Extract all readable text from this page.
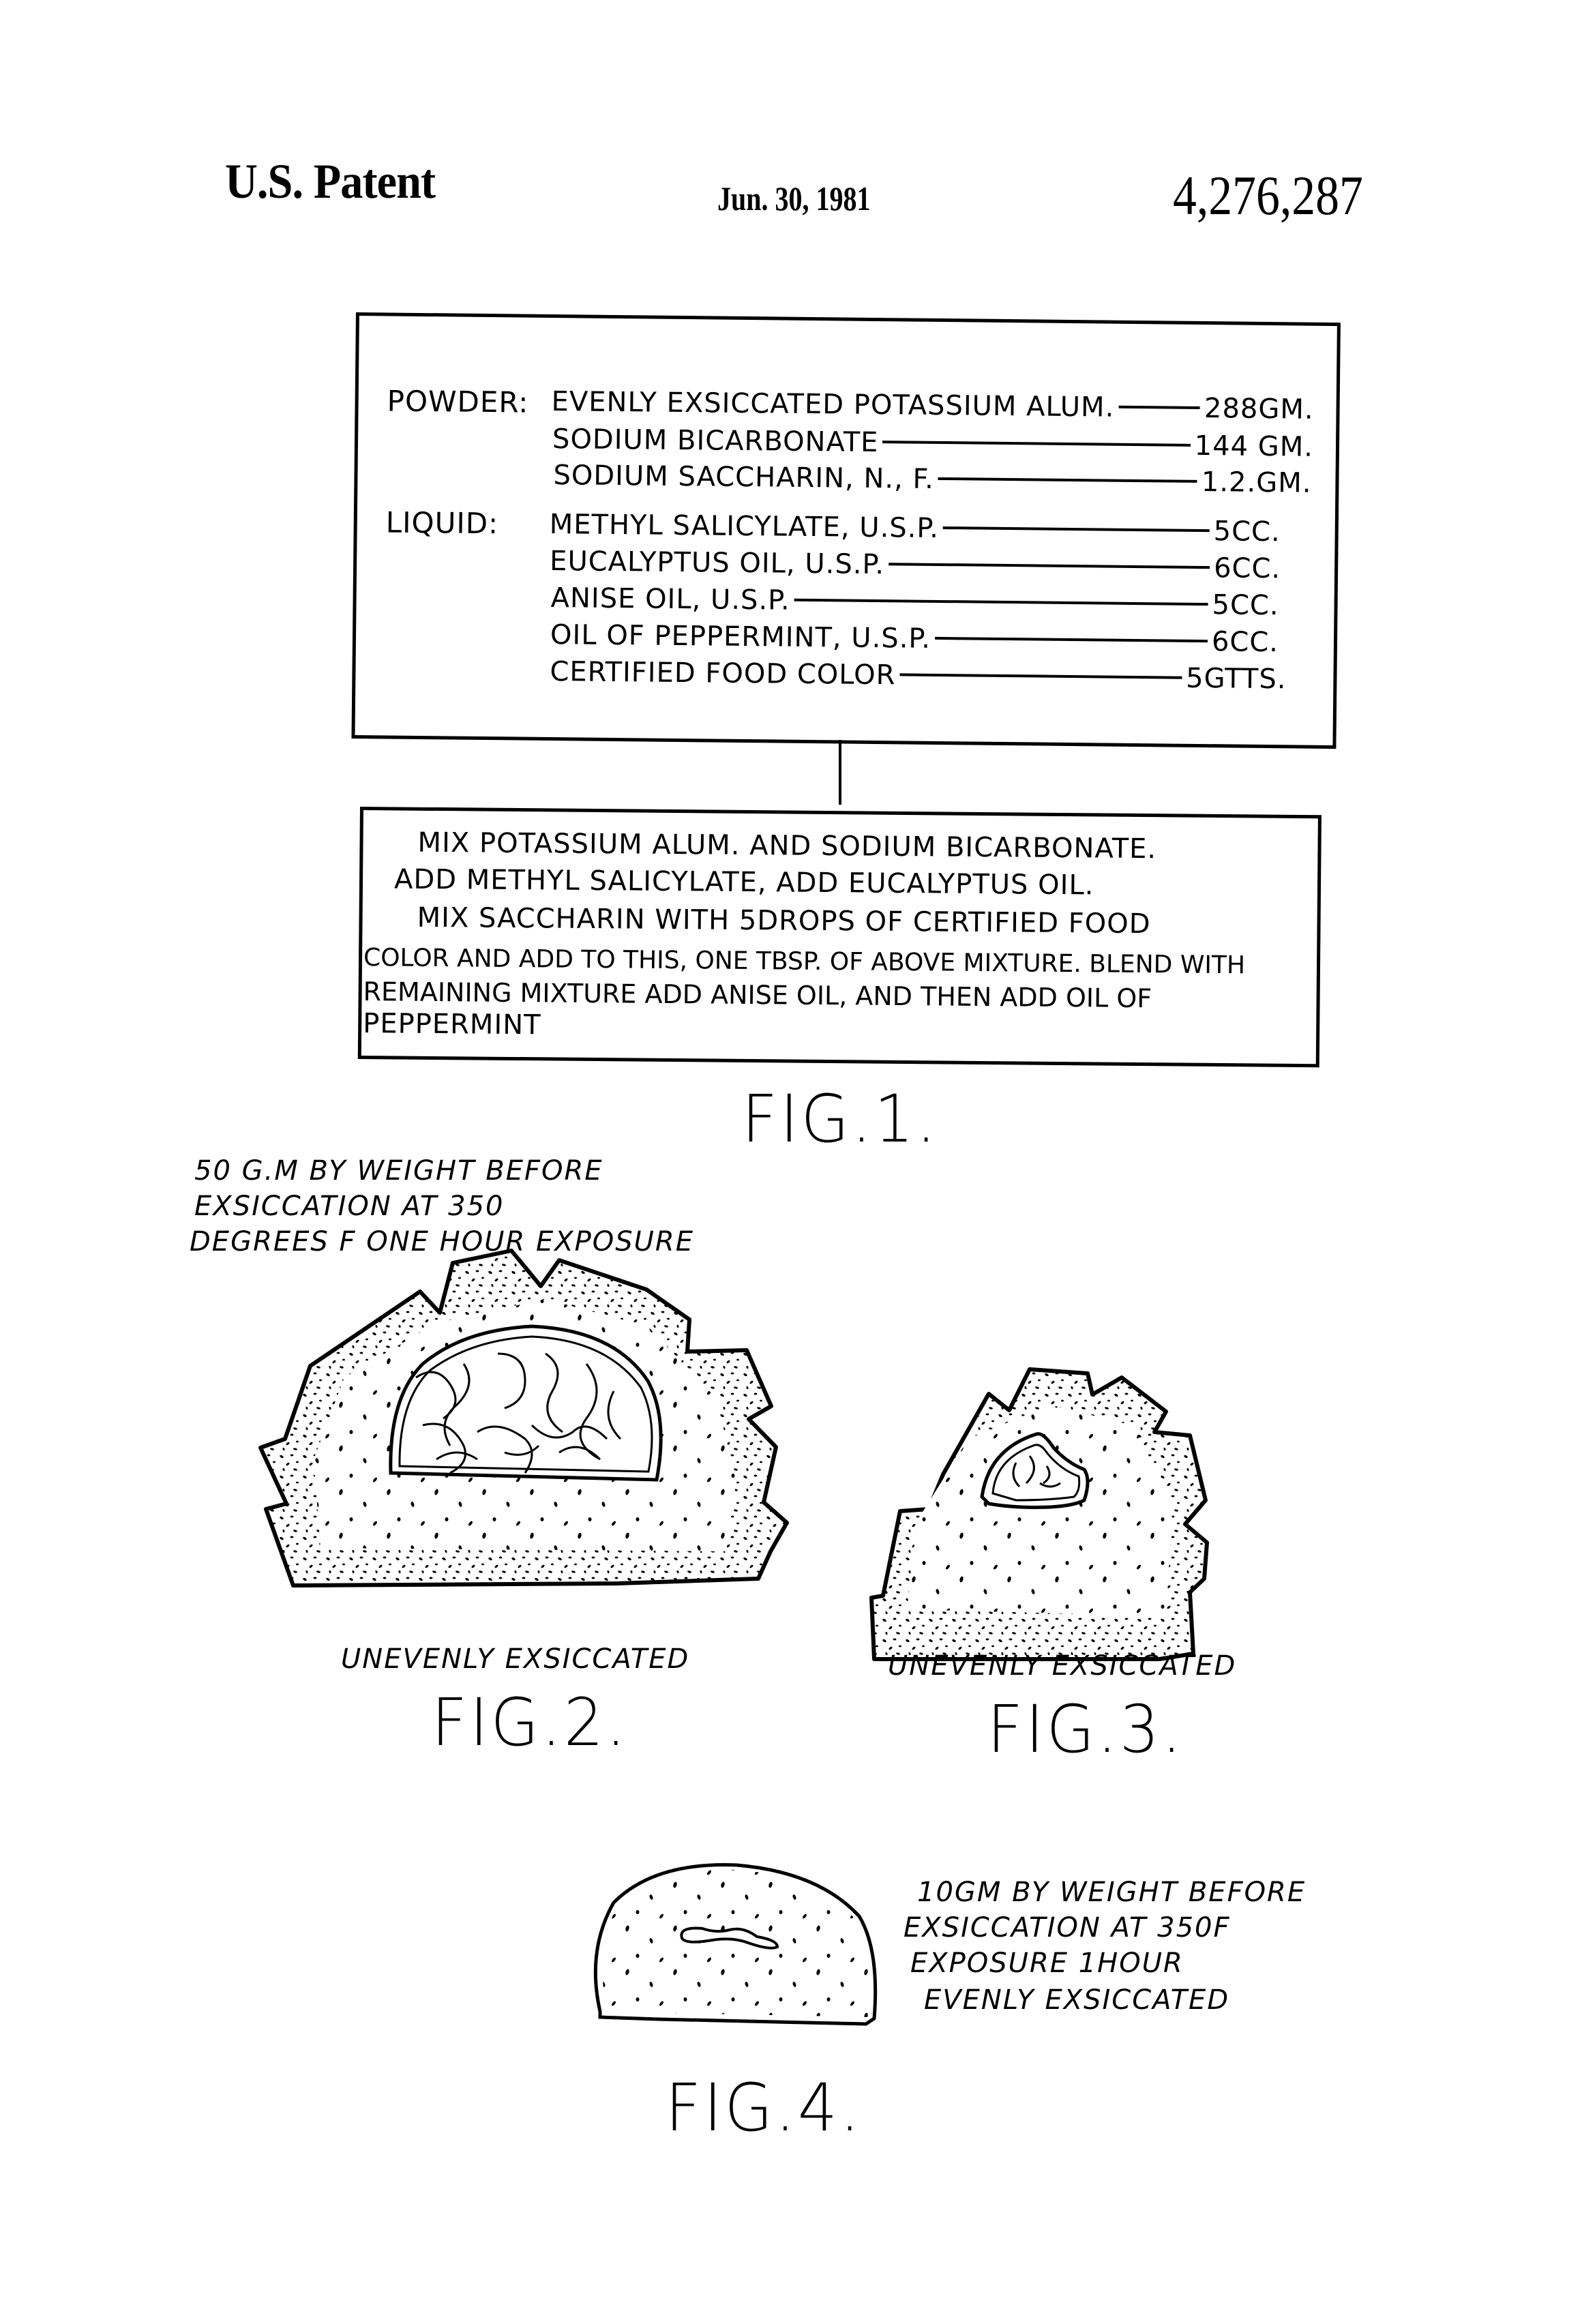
U.S. Patent	Jun. 30, 1981	4,276,287
POWDER: EVENLY EXSICCATED POTASSIUM ALUM.	288GM.
SODIUM BICARBONATE	144 GM.
SODIUM SACCHARIN, N., F.	1.2.GM.
LIQUID: METHYL SALICYLATE, U.S.P.	5CC.
EUCALYPTUS OIL, U.S.P.	6CC.
ANISE OIL, U.S.P.	5CC.
OIL OF PEPPERMINT, U.S.P.	6CC.
CERTIFIED FOOD COLOR	5GTTS.
MIX POTASSIUM ALUM. AND SODIUM BICARBONATE.
ADD METHYL SALICYLATE, ADD EUCALYPTUS OIL.
MIX SACCHARIN WITH 5DROPS OF CERTIFIED FOOD
COLOR AND ADD TO THIS, ONE TBSP. OF ABOVE MIXTURE. BLEND WITH
REMAINING MIXTURE ADD ANISE OIL, AND THEN ADD OIL OF
PEPPERMINT
FIG.1.
50 G.M BY WEIGHT BEFORE
EXSICCATION AT 350
DEGREES F ONE HOUR EXPOSURE
UNEVENLY EXSICCATED
FIG.2.
UNEVENLY EXSICCATED
FIG.3.
10GM BY WEIGHT BEFORE
EXSICCATION AT 350F
EXPOSURE 1HOUR
EVENLY EXSICCATED
FIG.4.
